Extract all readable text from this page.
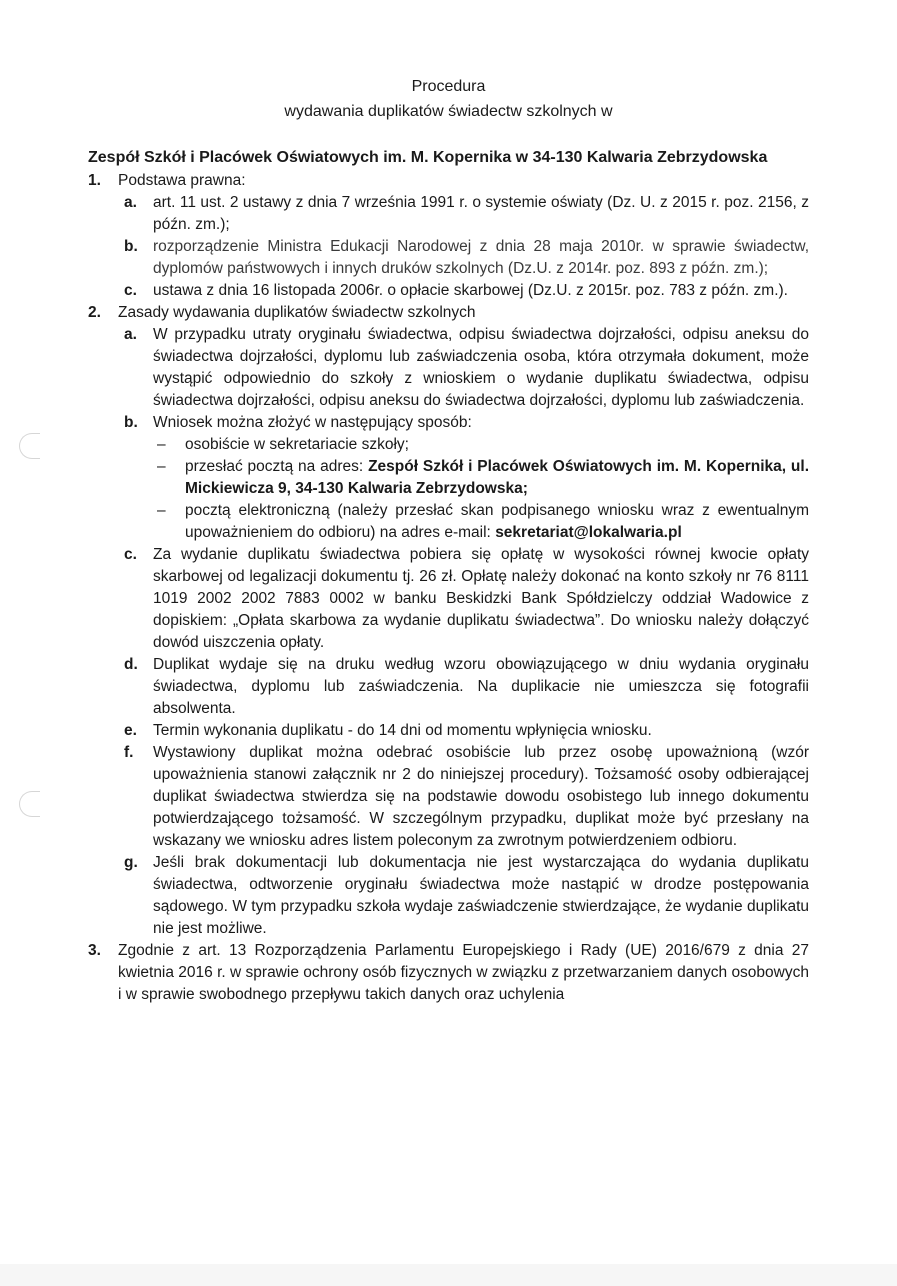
Procedura
wydawania duplikatów świadectw szkolnych w
Zespół Szkół i Placówek Oświatowych im. M. Kopernika w 34-130 Kalwaria Zebrzydowska
1. Podstawa prawna:
a. art. 11 ust. 2 ustawy z dnia 7 września 1991 r. o systemie oświaty (Dz. U. z 2015 r. poz. 2156, z późn. zm.);
b. rozporządzenie Ministra Edukacji Narodowej z dnia 28 maja 2010r. w sprawie świadectw, dyplomów państwowych i innych druków szkolnych (Dz.U. z 2014r. poz. 893 z późn. zm.);
c. ustawa z dnia 16 listopada 2006r. o opłacie skarbowej (Dz.U. z 2015r. poz. 783 z późn. zm.).
2. Zasady wydawania duplikatów świadectw szkolnych
a. W przypadku utraty oryginału świadectwa, odpisu świadectwa dojrzałości, odpisu aneksu do świadectwa dojrzałości, dyplomu lub zaświadczenia osoba, która otrzymała dokument, może wystąpić odpowiednio do szkoły z wnioskiem o wydanie duplikatu świadectwa, odpisu świadectwa dojrzałości, odpisu aneksu do świadectwa dojrzałości, dyplomu lub zaświadczenia.
b. Wniosek można złożyć w następujący sposób:
– osobiście w sekretariacie szkoły;
– przesłać pocztą na adres: Zespół Szkół i Placówek Oświatowych im. M. Kopernika, ul. Mickiewicza 9, 34-130 Kalwaria Zebrzydowska;
– pocztą elektroniczną (należy przesłać skan podpisanego wniosku wraz z ewentualnym upoważnieniem do odbioru) na adres e-mail: sekretariat@lokalwaria.pl
c. Za wydanie duplikatu świadectwa pobiera się opłatę w wysokości równej kwocie opłaty skarbowej od legalizacji dokumentu tj. 26 zł. Opłatę należy dokonać na konto szkoły nr 76 8111 1019 2002 2002 7883 0002 w banku Beskidzki Bank Spółdzielczy oddział Wadowice z dopiskiem: „Opłata skarbowa za wydanie duplikatu świadectwa”. Do wniosku należy dołączyć dowód uiszczenia opłaty.
d. Duplikat wydaje się na druku według wzoru obowiązującego w dniu wydania oryginału świadectwa, dyplomu lub zaświadczenia. Na duplikacie nie umieszcza się fotografii absolwenta.
e. Termin wykonania duplikatu - do 14 dni od momentu wpłynięcia wniosku.
f. Wystawiony duplikat można odebrać osobiście lub przez osobę upoważnioną (wzór upoważnienia stanowi załącznik nr 2 do niniejszej procedury). Tożsamość osoby odbierającej duplikat świadectwa stwierdza się na podstawie dowodu osobistego lub innego dokumentu potwierdzającego tożsamość. W szczególnym przypadku, duplikat może być przesłany na wskazany we wniosku adres listem poleconym za zwrotnym potwierdzeniem odbioru.
g. Jeśli brak dokumentacji lub dokumentacja nie jest wystarczająca do wydania duplikatu świadectwa, odtworzenie oryginału świadectwa może nastąpić w drodze postępowania sądowego. W tym przypadku szkoła wydaje zaświadczenie stwierdzające, że wydanie duplikatu nie jest możliwe.
3. Zgodnie z art. 13 Rozporządzenia Parlamentu Europejskiego i Rady (UE) 2016/679 z dnia 27 kwietnia 2016 r. w sprawie ochrony osób fizycznych w związku z przetwarzaniem danych osobowych i w sprawie swobodnego przepływu takich danych oraz uchylenia
